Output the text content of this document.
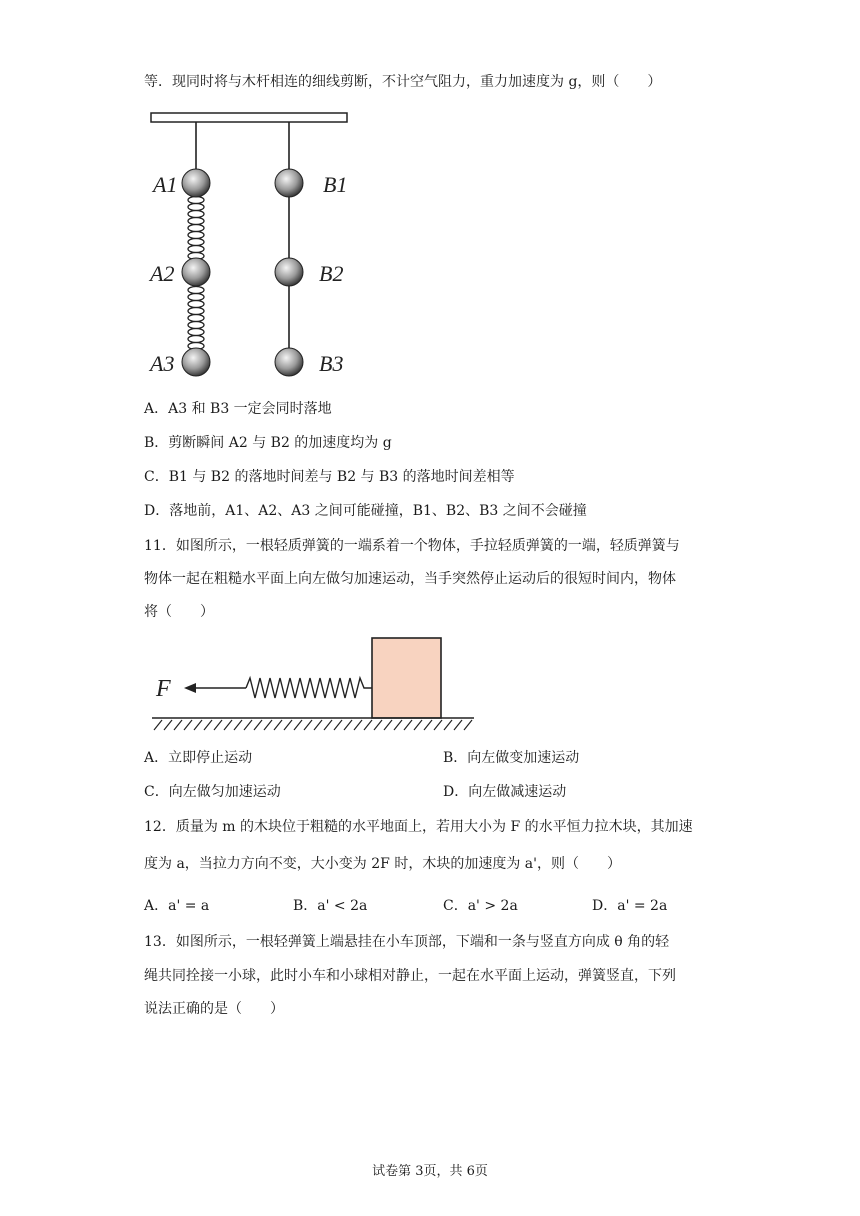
等．现同时将与木杆相连的细线剪断，不计空气阻力，重力加速度为 g，则（　　）
A1
A2
A3
B1
B2
B3
A．A3 和 B3 一定会同时落地
B．剪断瞬间 A2 与 B2 的加速度均为 g
C．B1 与 B2 的落地时间差与 B2 与 B3 的落地时间差相等
D．落地前，A1、A2、A3 之间可能碰撞，B1、B2、B3 之间不会碰撞
11．如图所示，一根轻质弹簧的一端系着一个物体，手拉轻质弹簧的一端，轻质弹簧与
物体一起在粗糙水平面上向左做匀加速运动，当手突然停止运动后的很短时间内，物体
将（　　）
F
A．立即停止运动	B．向左做变加速运动
C．向左做匀加速运动	D．向左做减速运动
12．质量为 m 的木块位于粗糙的水平地面上，若用大小为 F 的水平恒力拉木块，其加速
度为 a，当拉力方向不变，大小变为 2F 时，木块的加速度为 a'，则（　　）
A．a' = a	B．a' < 2a	C．a' > 2a	D．a' = 2a
13．如图所示，一根轻弹簧上端悬挂在小车顶部，下端和一条与竖直方向成 θ 角的轻
绳共同拴接一小球，此时小车和小球相对静止，一起在水平面上运动，弹簧竖直，下列
说法正确的是（　　）
试卷第 3页，共 6页
